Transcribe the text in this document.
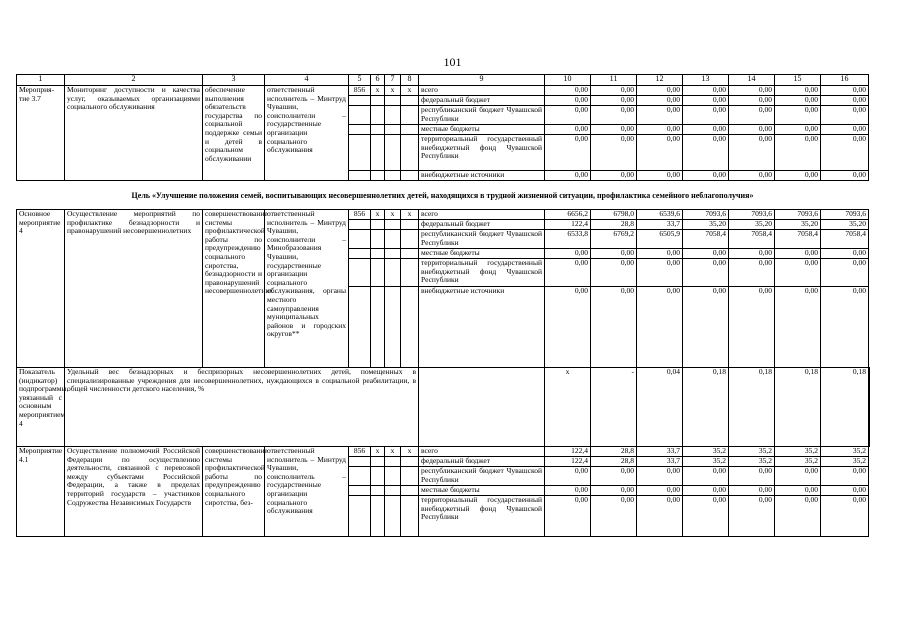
101
1	2	3	4	5	6	7	8	9	10	11	12	13	14	15	16	
Мероприя-тие 3.7	Мониторинг доступности и качества услуг, оказываемых организациями социального обслуживания	обеспечение выполнения обязательств государства по социальной поддержке семьи и детей в социальном обслуживании	ответственный исполнитель – Минтруд Чувашии, соисполнители – государственные организации социального обслуживания	856	x	x	x	всего	0,00	0,00	0,00	0,00	0,00	0,00	0,00	
								федеральный бюджет	0,00	0,00	0,00	0,00	0,00	0,00	0,00	
								республиканский бюджет Чувашской Республики	0,00	0,00	0,00	0,00	0,00	0,00	0,00	
								местные бюджеты	0,00	0,00	0,00	0,00	0,00	0,00	0,00	
								территориальный государственный внебюджетный фонд Чувашской Республики	0,00	0,00	0,00	0,00	0,00	0,00	0,00	
								внебюджетные источники	0,00	0,00	0,00	0,00	0,00	0,00	0,00	
Цель «Улучшение положения семей, воспитывающих несовершеннолетних детей, находящихся в трудной жизненной ситуации, профилактика семейного неблагополучия»																
Основное мероприятие 4	Осуществление мероприятий по профилактике безнадзорности и правонарушений несовершеннолетних	совершенствование системы профилактической работы по предупреждению социального сиротства, безнадзорности и правонарушений несовершеннолетних	ответственный исполнитель – Минтруд Чувашии, соисполнители – Минобразования Чувашии, государственные организации социального обслуживания, органы местного самоуправления муниципальных районов и городских округов**	856	x	x	x	всего	6656,2	6798,0	6539,6	7093,6	7093,6	7093,6	7093,6	
								федеральный бюджет	122,4	28,8	33,7	35,20	35,20	35,20	35,20	
								республиканский бюджет Чувашской Республики	6533,8	6769,2	6505,9	7058,4	7058,4	7058,4	7058,4	
								местные бюджеты	0,00	0,00	0,00	0,00	0,00	0,00	0,00	
								территориальный государственный внебюджетный фонд Чувашской Республики	0,00	0,00	0,00	0,00	0,00	0,00	0,00	
								внебюджетные источники	0,00	0,00	0,00	0,00	0,00	0,00	0,00	
Показатель (индикатор) подпрограммы, увязанный с основным мероприятием 4	Удельный вес безнадзорных и беспризорных несовершеннолетних детей, помещенных в специализированные учреждения для несовершеннолетних, нуждающихся в социальной реабилитации, в общей численности детского населения, %								x	-	0,04	0,18	0,18	0,18	0,18	
Мероприятие 4.1	Осуществление полномочий Российской Федерации по осуществлению деятельности, связанной с перевозкой между субъектами Российской Федерации, а также в пределах территорий государств – участников Содружества Независимых Государств	совершенствование системы профилактической работы по предупреждению социального сиротства, без-	ответственный исполнитель – Минтруд Чувашии, соисполнитель – государственные организации социального обслуживания	856	x	x	x	всего	122,4	28,8	33,7	35,2	35,2	35,2	35,2	
								федеральный бюджет	122,4	28,8	33,7	35,2	35,2	35,2	35,2	
								республиканский бюджет Чувашской Республики	0,00	0,00	0,00	0,00	0,00	0,00	0,00	
								местные бюджеты	0,00	0,00	0,00	0,00	0,00	0,00	0,00	
								территориальный государственный внебюджетный фонд Чувашской Республики	0,00	0,00	0,00	0,00	0,00	0,00	0,00	
